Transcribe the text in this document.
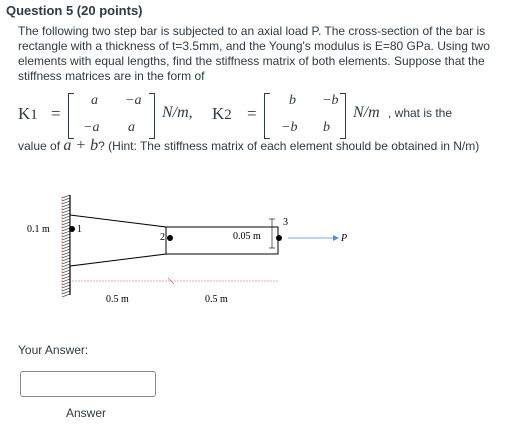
Question 5 (20 points)

The following two step bar is subjected to an axial load P. The cross-section of the bar is rectangle with a thickness of t=3.5mm, and the Young's modulus is E=80 GPa. Using two elements with equal lengths, find the stiffness matrix of both elements. Suppose that the stiffness matrices are in the form of

K1 =
a −a
−a a
N/m, K2 =
b −b
−b b
N/m , what is the
value of a + b? (Hint: The stiffness matrix of each element should be obtained in N/m)
0.1 m	1
2
3
0.05 m	P
0.5 m	0.5 m
Your Answer:
Answer
